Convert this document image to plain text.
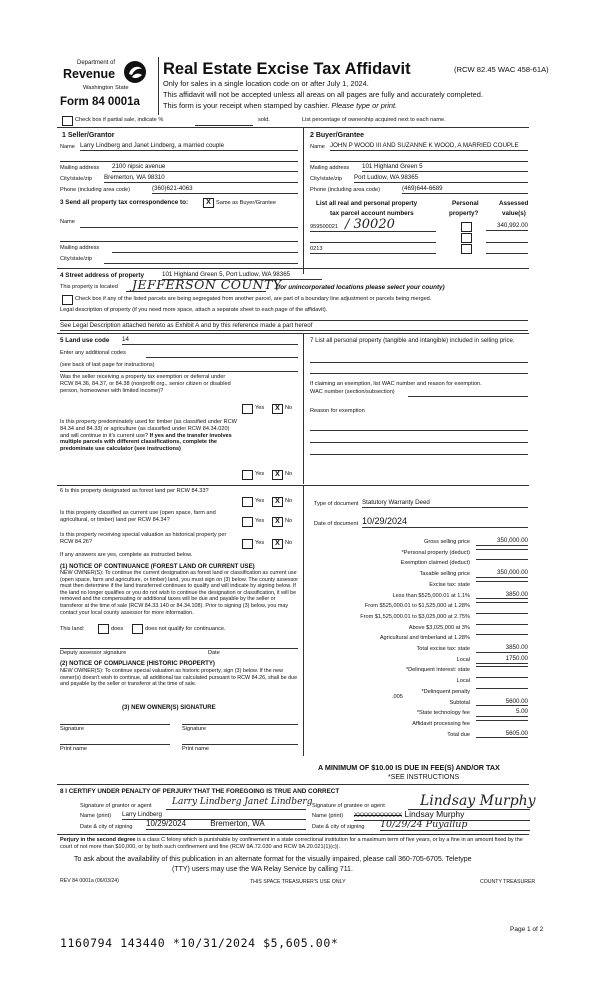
Department of
Revenue
Washington State
Form 84 0001a
Real Estate Excise Tax Affidavit	(RCW 82.45 WAC 458-61A)
Only for sales in a single location code on or after July 1, 2024.
This affidavit will not be accepted unless all areas on all pages are fully and accurately completed.
This form is your receipt when stamped by cashier. Please type or print.
Check box if partial sale, indicate %	sold.	List percentage of ownership acquired next to each name.
1 Seller/Grantor
Name Larry Lindberg and Janet Lindberg, a married couple
Mailing address 2100 nipsic avenue
City/state/zip Bremerton, WA 98310
Phone (including area code)	(360)621-4063
2 Buyer/Grantee
Name JOHN P WOOD III AND SUZANNE K WOOD, A MARRIED COUPLE
Mailing address 101 Highland Green 5
City/state/zip Port Ludlow, WA 98365
Phone (including area code)	(469)644-6689
3 Send all property tax correspondence to:	X Same as Buyer/Grantee
Name
Mailing address
City/state/zip
List all real and personal property
tax parcel account numbers
Personal
property?
Assessed
value(s)
959500021 / 30020	340,992.00
0213
4 Street address of property	101 Highland Green 5, Port Ludlow, WA 98365
This property is located JEFFERSON COUNTY
(for unincorporated locations please select your county)
Check box if any of the listed parcels are being segregated from another parcel, are part of a boundary line adjustment or parcels being merged.
Legal description of property (if you need more space, attach a separate sheet to each page of the affidavit).
See Legal Description attached hereto as Exhibit A and by this reference made a part hereof
5 Land use code 14
Enter any additional codes
(see back of last page for instructions)
Was the seller receiving a property tax exemption or deferral under RCW 84.36, 84.37, or 84.38 (nonprofit org., senior citizen or disabled person, homeowner with limited income)?
Yes	X No
Is this property predominately used for timber (as classified under RCW 84.34 and 84.33) or agriculture (as classified under RCW 84.34.020) and will continue in it's current use? If yes and the transfer involves multiple parcels with different classifications, complete the predominate use calculator (see instructions)
Yes	X No
7 List all personal property (tangible and intangible) included in selling price.
If claiming an exemption, list WAC number and reason for exemption.
WAC number (section/subsection)
Reason for exemption
6 Is this property designated as forest land per RCW 84.33?
Yes	X No
Is this property classified as current use (open space, farm and agricultural, or timber) land per RCW 84.34?	Yes	X No
Is this property receiving special valuation as historical property per RCW 84.26?	Yes	X No
If any answers are yes, complete as instructed below.
(1) NOTICE OF CONTINUANCE (FOREST LAND OR CURRENT USE)
NEW OWNER(S): To continue the current designation as forest land or classification as current use (open space, farm and agriculture, or timber) land, you must sign on (3) below. The county assessor must then determine if the land transferred continues to qualify and will indicate by signing below. If the land no longer qualifies or you do not wish to continue the designation or classification, it will be removed and the compensating or additional taxes will be due and payable by the seller or transferor at the time of sale (RCW 84.33.140 or 84.34.108). Prior to signing (3) below, you may contact your local county assessor for more information.
This land:	does	does not qualify for continuance.
Deputy assessor signature	Date
(2) NOTICE OF COMPLIANCE (HISTORIC PROPERTY)
NEW OWNER(S): To continue special valuation as historic property, sign (3) below. If the new owner(s) doesn't wish to continue, all additional tax calculated pursuant to RCW 84.26, shall be due and payable by the seller or transferor at the time of sale.
(3) NEW OWNER(S) SIGNATURE
Signature	Signature
Print name	Print name
Type of document Statutory Warranty Deed
Date of document 10/29/2024
Gross selling price	350,000.00
*Personal property (deduct)
Exemption claimed (deduct)
Taxable selling price	350,000.00
Excise tax: state
Less than $525,000.01 at 1.1%	3850.00
From $525,000.01 to $1,525,000 at 1.28%
From $1,525,000.01 to $3,025,000 at 2.75%
Above $3,025,000 at 3%
Agricultural and timberland at 1.28%
Total excise tax: state	3850.00
Local	1750.00
*Delinquent interest: state
Local
*Delinquent penalty
Subtotal	5600.00
*State technology fee	5.00
Affidavit processing fee
Total due	5605.00
.005
A MINIMUM OF $10.00 IS DUE IN FEE(S) AND/OR TAX
*SEE INSTRUCTIONS
8 I CERTIFY UNDER PENALTY OF PERJURY THAT THE FOREGOING IS TRUE AND CORRECT
Signature of grantor or agent Larry Lindberg Janet Lindberg
Name (print) Larry Lindberg
Date & city of signing 10/29/2024	Bremerton, WA
Signature of grantee or agent	Lindsay Murphy
Name (print) XXXXXXXXXXXX Lindsay Murphy
Date & city of signing 10/29/24 Puyallup
Perjury in the second degree is a class C felony which is punishable by confinement in a state correctional institution for a maximum term of five years, or by a fine in an amount fixed by the court of not more than $10,000, or by both such confinement and fine (RCW 9A.72.030 and RCW 9A.20.021(1)(c)).
To ask about the availability of this publication in an alternate format for the visually impaired, please call 360-705-6705. Teletype
(TTY) users may use the WA Relay Service by calling 711.
REV 84 0001a (06/03/24)	THIS SPACE TREASURER'S USE ONLY	COUNTY TREASURER
Page 1 of 2
1160794 143440 *10/31/2024 $5,605.00*
